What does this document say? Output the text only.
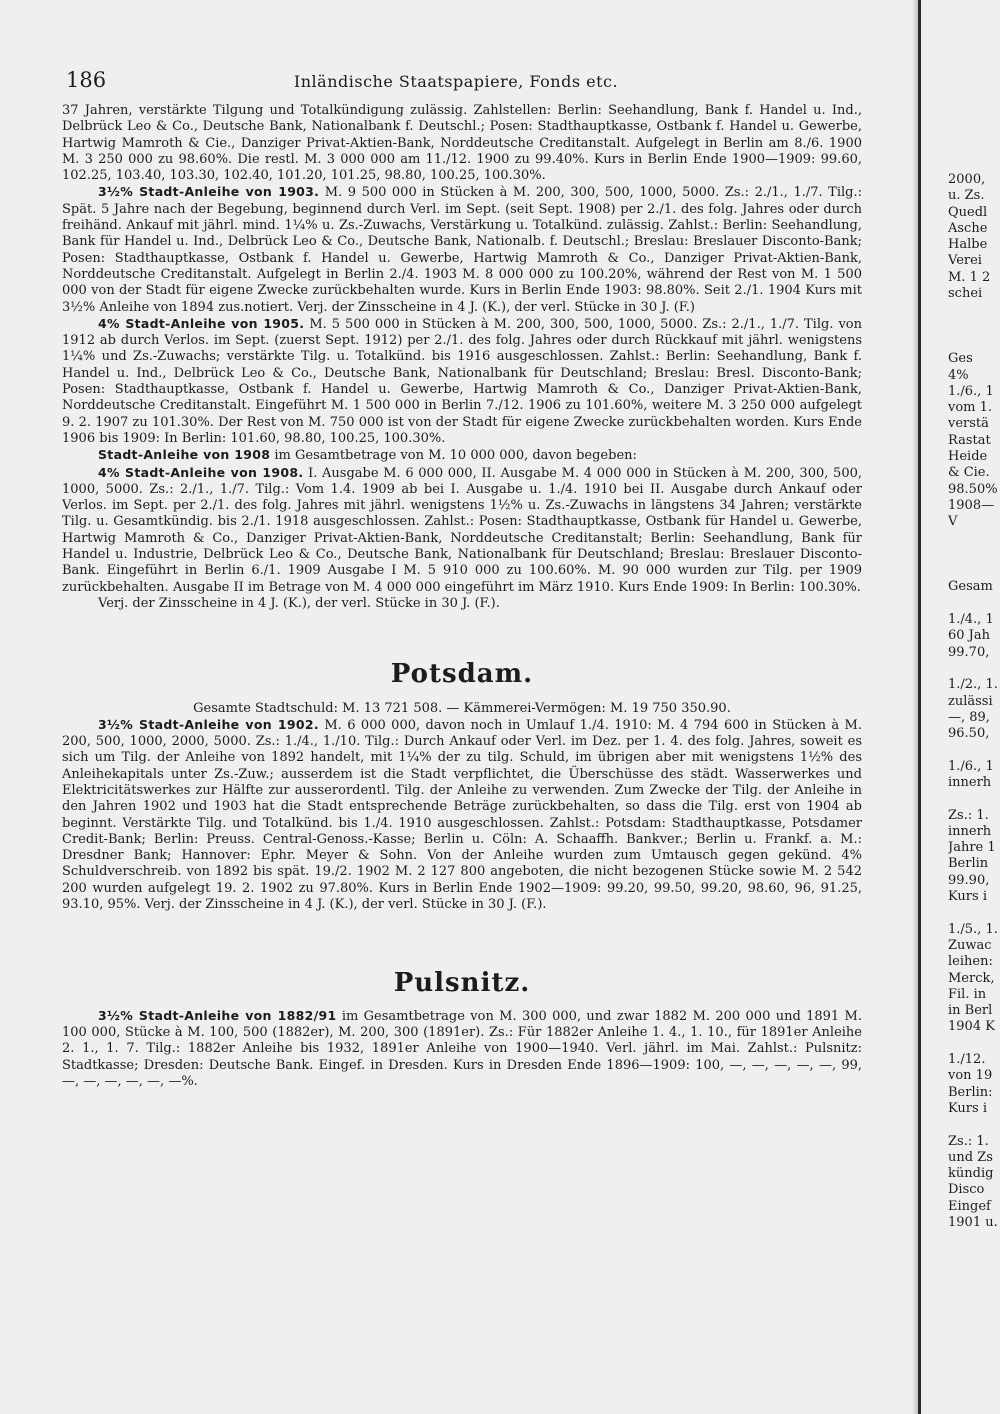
186	Inländische Staatspapiere, Fonds etc.

37 Jahren, verstärkte Tilgung und Totalkündigung zulässig. Zahlstellen: Berlin: Seehandlung, Bank f. Handel u. Ind., Delbrück Leo & Co., Deutsche Bank, Nationalbank f. Deutschl.; Posen: Stadthauptkasse, Ostbank f. Handel u. Gewerbe, Hartwig Mamroth & Cie., Danziger Privat-Aktien-Bank, Norddeutsche Creditanstalt. Aufgelegt in Berlin am 8./6. 1900 M. 3 250 000 zu 98.60%. Die restl. M. 3 000 000 am 11./12. 1900 zu 99.40%. Kurs in Berlin Ende 1900—1909: 99.60, 102.25, 103.40, 103.30, 102.40, 101.20, 101.25, 98.80, 100.25, 100.30%.

3½% Stadt-Anleihe von 1903. M. 9 500 000 in Stücken à M. 200, 300, 500, 1000, 5000. Zs.: 2./1., 1./7. Tilg.: Spät. 5 Jahre nach der Begebung, beginnend durch Verl. im Sept. (seit Sept. 1908) per 2./1. des folg. Jahres oder durch freihänd. Ankauf mit jährl. mind. 1¼% u. Zs.-Zuwachs, Verstärkung u. Totalkünd. zulässig. Zahlst.: Berlin: Seehandlung, Bank für Handel u. Ind., Delbrück Leo & Co., Deutsche Bank, Nationalb. f. Deutschl.; Breslau: Breslauer Disconto-Bank; Posen: Stadthauptkasse, Ostbank f. Handel u. Gewerbe, Hartwig Mamroth & Co., Danziger Privat-Aktien-Bank, Norddeutsche Creditanstalt. Aufgelegt in Berlin 2./4. 1903 M. 8 000 000 zu 100.20%, während der Rest von M. 1 500 000 von der Stadt für eigene Zwecke zurückbehalten wurde. Kurs in Berlin Ende 1903: 98.80%. Seit 2./1. 1904 Kurs mit 3½% Anleihe von 1894 zus.notiert. Verj. der Zinsscheine in 4 J. (K.), der verl. Stücke in 30 J. (F.)

4% Stadt-Anleihe von 1905. M. 5 500 000 in Stücken à M. 200, 300, 500, 1000, 5000. Zs.: 2./1., 1./7. Tilg. von 1912 ab durch Verlos. im Sept. (zuerst Sept. 1912) per 2./1. des folg. Jahres oder durch Rückkauf mit jährl. wenigstens 1¼% und Zs.-Zuwachs; verstärkte Tilg. u. Totalkünd. bis 1916 ausgeschlossen. Zahlst.: Berlin: Seehandlung, Bank f. Handel u. Ind., Delbrück Leo & Co., Deutsche Bank, Nationalbank für Deutschland; Breslau: Bresl. Disconto-Bank; Posen: Stadthauptkasse, Ostbank f. Handel u. Gewerbe, Hartwig Mamroth & Co., Danziger Privat-Aktien-Bank, Norddeutsche Creditanstalt. Eingeführt M. 1 500 000 in Berlin 7./12. 1906 zu 101.60%, weitere M. 3 250 000 aufgelegt 9. 2. 1907 zu 101.30%. Der Rest von M. 750 000 ist von der Stadt für eigene Zwecke zurückbehalten worden. Kurs Ende 1906 bis 1909: In Berlin: 101.60, 98.80, 100.25, 100.30%.

Stadt-Anleihe von 1908 im Gesamtbetrage von M. 10 000 000, davon begeben:

4% Stadt-Anleihe von 1908. I. Ausgabe M. 6 000 000, II. Ausgabe M. 4 000 000 in Stücken à M. 200, 300, 500, 1000, 5000. Zs.: 2./1., 1./7. Tilg.: Vom 1.4. 1909 ab bei I. Ausgabe u. 1./4. 1910 bei II. Ausgabe durch Ankauf oder Verlos. im Sept. per 2./1. des folg. Jahres mit jährl. wenigstens 1½% u. Zs.-Zuwachs in längstens 34 Jahren; verstärkte Tilg. u. Gesamtkündig. bis 2./1. 1918 ausgeschlossen. Zahlst.: Posen: Stadthauptkasse, Ostbank für Handel u. Gewerbe, Hartwig Mamroth & Co., Danziger Privat-Aktien-Bank, Norddeutsche Creditanstalt; Berlin: Seehandlung, Bank für Handel u. Industrie, Delbrück Leo & Co., Deutsche Bank, Nationalbank für Deutschland; Breslau: Breslauer Disconto-Bank. Eingeführt in Berlin 6./1. 1909 Ausgabe I M. 5 910 000 zu 100.60%. M. 90 000 wurden zur Tilg. per 1909 zurückbehalten. Ausgabe II im Betrage von M. 4 000 000 eingeführt im März 1910. Kurs Ende 1909: In Berlin: 100.30%.

Verj. der Zinsscheine in 4 J. (K.), der verl. Stücke in 30 J. (F.).

Potsdam.

Gesamte Stadtschuld: M. 13 721 508. — Kämmerei-Vermögen: M. 19 750 350.90.

3½% Stadt-Anleihe von 1902. M. 6 000 000, davon noch in Umlauf 1./4. 1910: M. 4 794 600 in Stücken à M. 200, 500, 1000, 2000, 5000. Zs.: 1./4., 1./10. Tilg.: Durch Ankauf oder Verl. im Dez. per 1. 4. des folg. Jahres, soweit es sich um Tilg. der Anleihe von 1892 handelt, mit 1¼% der zu tilg. Schuld, im übrigen aber mit wenigstens 1½% des Anleihekapitals unter Zs.-Zuw.; ausserdem ist die Stadt verpflichtet, die Überschüsse des städt. Wasserwerkes und Elektricitätswerkes zur Hälfte zur ausserordentl. Tilg. der Anleihe zu verwenden. Zum Zwecke der Tilg. der Anleihe in den Jahren 1902 und 1903 hat die Stadt entsprechende Beträge zurückbehalten, so dass die Tilg. erst von 1904 ab beginnt. Verstärkte Tilg. und Totalkünd. bis 1./4. 1910 ausgeschlossen. Zahlst.: Potsdam: Stadthauptkasse, Potsdamer Credit-Bank; Berlin: Preuss. Central-Genoss.-Kasse; Berlin u. Cöln: A. Schaaffh. Bankver.; Berlin u. Frankf. a. M.: Dresdner Bank; Hannover: Ephr. Meyer & Sohn. Von der Anleihe wurden zum Umtausch gegen gekünd. 4% Schuldverschreib. von 1892 bis spät. 19./2. 1902 M. 2 127 800 angeboten, die nicht bezogenen Stücke sowie M. 2 542 200 wurden aufgelegt 19. 2. 1902 zu 97.80%. Kurs in Berlin Ende 1902—1909: 99.20, 99.50, 99.20, 98.60, 96, 91.25, 93.10, 95%. Verj. der Zinsscheine in 4 J. (K.), der verl. Stücke in 30 J. (F.).

Pulsnitz.

3½% Stadt-Anleihe von 1882/91 im Gesamtbetrage von M. 300 000, und zwar 1882 M. 200 000 und 1891 M. 100 000, Stücke à M. 100, 500 (1882er), M. 200, 300 (1891er). Zs.: Für 1882er Anleihe 1. 4., 1. 10., für 1891er Anleihe 2. 1., 1. 7. Tilg.: 1882er Anleihe bis 1932, 1891er Anleihe von 1900—1940. Verl. jährl. im Mai. Zahlst.: Pulsnitz: Stadtkasse; Dresden: Deutsche Bank. Eingef. in Dresden. Kurs in Dresden Ende 1896—1909: 100, —, —, —, —, —, 99, —, —, —, —, —, —%.

2000,
u. Zs.
Quedl
Asche
Halbe
Verei
M. 1 2
schei
Ges
4%
1./6., 1
vom 1.
verstä
Rastat
Heide
& Cie.
98.50%
1908—
V
Gesam
1./4., 1
60 Jah
99.70,
1./2., 1.
zulässi
—, 89,
96.50,
1./6., 1
innerh
Zs.: 1.
innerh
Jahre 1
Berlin
99.90,
Kurs i
1./5., 1.
Zuwac
leihen:
Merck,
Fil. in
in Berl
1904 K
1./12.
von 19
Berlin:
Kurs i
Zs.: 1.
und Zs
kündig
Disco
Eingef
1901 u.
